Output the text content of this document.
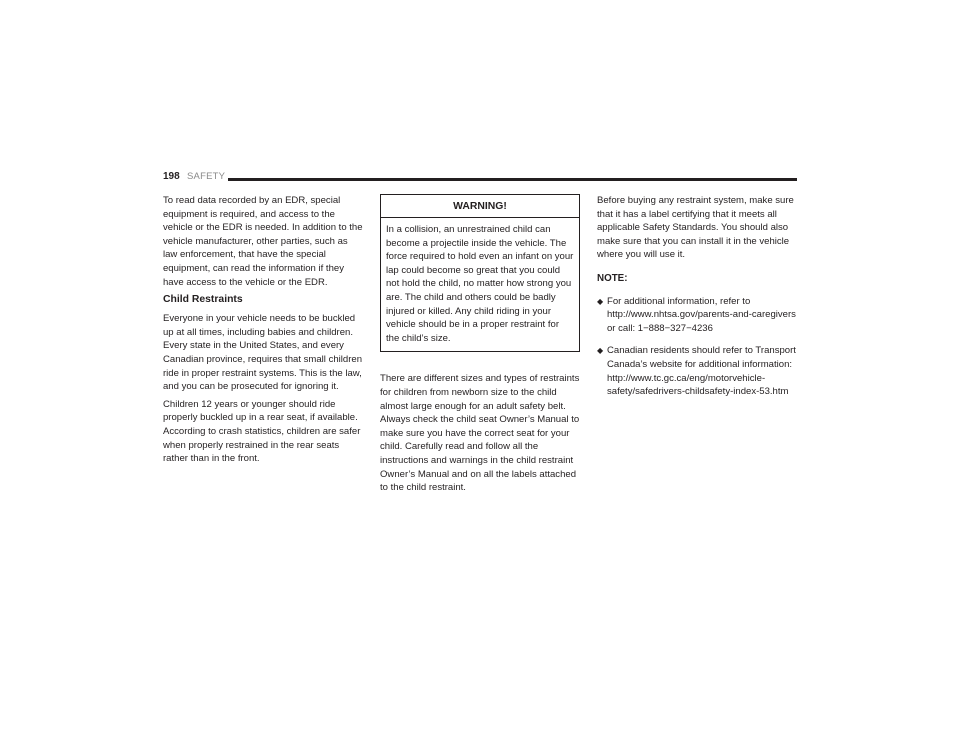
198 SAFETY

To read data recorded by an EDR, special equipment is required, and access to the vehicle or the EDR is needed. In addition to the vehicle manufacturer, other parties, such as law enforcement, that have the special equipment, can read the information if they have access to the vehicle or the EDR.

Child Restraints

Everyone in your vehicle needs to be buckled up at all times, including babies and children. Every state in the United States, and every Canadian province, requires that small children ride in proper restraint systems. This is the law, and you can be prosecuted for ignoring it.

Children 12 years or younger should ride properly buckled up in a rear seat, if available. According to crash statistics, children are safer when properly restrained in the rear seats rather than in the front.

WARNING!

In a collision, an unrestrained child can become a projectile inside the vehicle. The force required to hold even an infant on your lap could become so great that you could not hold the child, no matter how strong you are. The child and others could be badly injured or killed. Any child riding in your vehicle should be in a proper restraint for the child’s size.

There are different sizes and types of restraints for children from newborn size to the child almost large enough for an adult safety belt. Always check the child seat Owner’s Manual to make sure you have the correct seat for your child. Carefully read and follow all the instructions and warnings in the child restraint Owner’s Manual and on all the labels attached to the child restraint.

Before buying any restraint system, make sure that it has a label certifying that it meets all applicable Safety Standards. You should also make sure that you can install it in the vehicle where you will use it.

NOTE:
◆ For additional information, refer to http://www.nhtsa.gov/parents-and-caregivers or call: 1−888−327−4236
◆ Canadian residents should refer to Transport Canada’s website for additional information: http://www.tc.gc.ca/eng/motorvehicle-safety/safedrivers-childsafety-index-53.htm
